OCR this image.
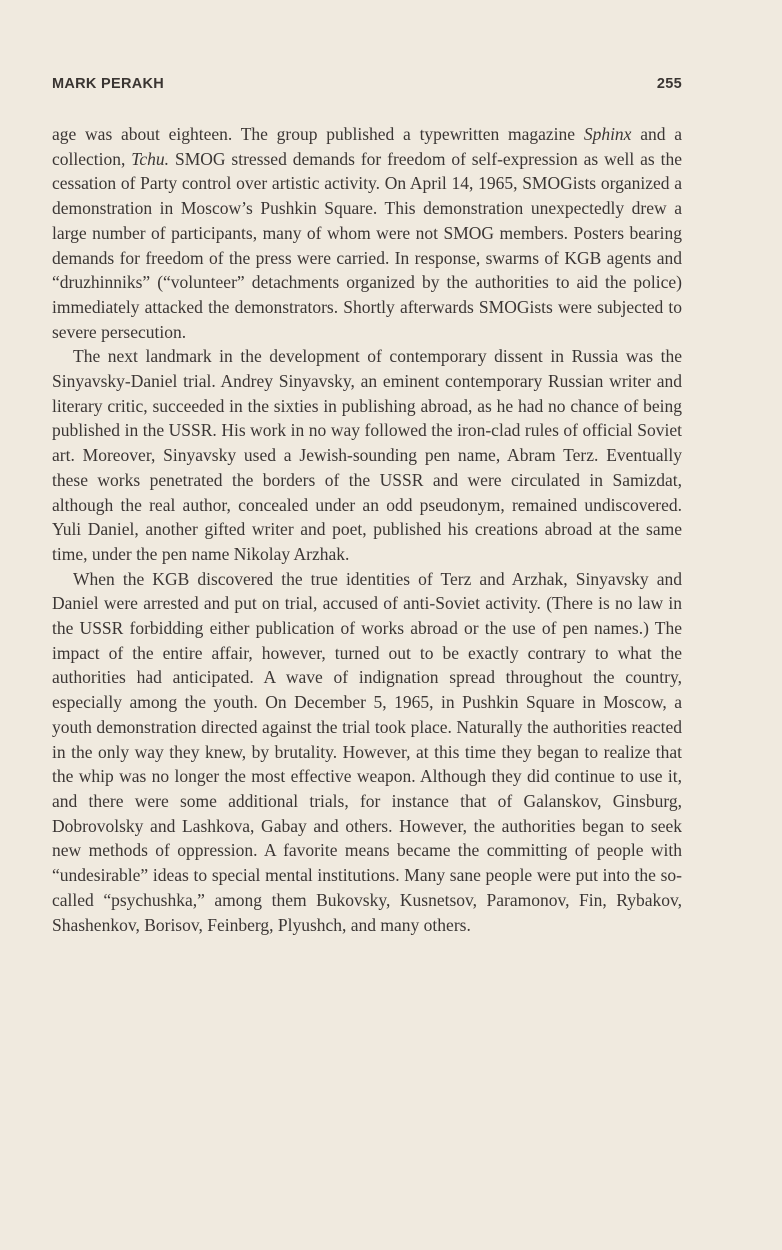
MARK PERAKH	255

age was about eighteen. The group published a typewritten magazine Sphinx and a collection, Tchu. SMOG stressed demands for freedom of self-expression as well as the cessation of Party control over artistic activity. On April 14, 1965, SMOGists organized a demonstration in Moscow’s Pushkin Square. This demonstration unexpectedly drew a large number of participants, many of whom were not SMOG members. Posters bearing demands for freedom of the press were carried. In response, swarms of KGB agents and “druzhinniks” (“volunteer” detachments organized by the authorities to aid the police) immediately attacked the demonstrators. Shortly afterwards SMOGists were subjected to severe persecution.

The next landmark in the development of contemporary dissent in Russia was the Sinyavsky-Daniel trial. Andrey Sinyavsky, an eminent contemporary Russian writer and literary critic, succeeded in the sixties in publishing abroad, as he had no chance of being published in the USSR. His work in no way followed the iron-clad rules of official Soviet art. Moreover, Sinyavsky used a Jewish-sounding pen name, Abram Terz. Eventually these works penetrated the borders of the USSR and were circulated in Samizdat, although the real author, concealed under an odd pseudonym, remained undiscovered. Yuli Daniel, another gifted writer and poet, published his creations abroad at the same time, under the pen name Nikolay Arzhak.

When the KGB discovered the true identities of Terz and Arzhak, Sinyavsky and Daniel were arrested and put on trial, accused of anti-Soviet activity. (There is no law in the USSR forbidding either publication of works abroad or the use of pen names.) The impact of the entire affair, however, turned out to be exactly contrary to what the authorities had anticipated. A wave of indignation spread throughout the country, especially among the youth. On December 5, 1965, in Pushkin Square in Moscow, a youth demonstration directed against the trial took place. Naturally the authorities reacted in the only way they knew, by brutality. However, at this time they began to realize that the whip was no longer the most effective weapon. Although they did continue to use it, and there were some additional trials, for instance that of Galanskov, Ginsburg, Dobrovolsky and Lashkova, Gabay and others. However, the authorities began to seek new methods of oppression. A favorite means became the committing of people with “undesirable” ideas to special mental institutions. Many sane people were put into the so-called “psychushka,” among them Bukovsky, Kusnetsov, Paramonov, Fin, Rybakov, Shashenkov, Borisov, Feinberg, Plyushch, and many others.
